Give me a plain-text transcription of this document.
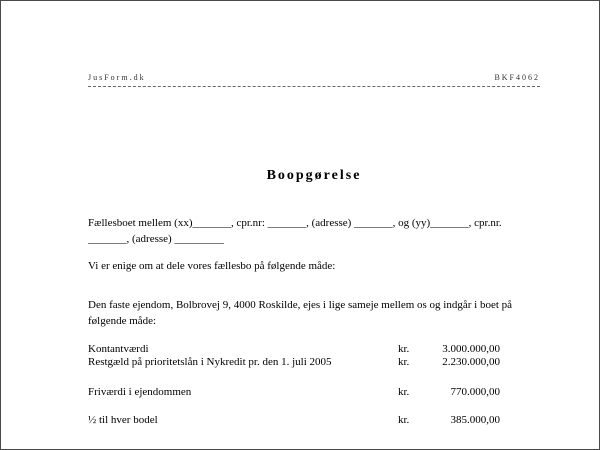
JusForm.dk	BKF4062
Boopgørelse
Fællesboet mellem (xx)_______, cpr.nr: _______, (adresse) _______, og (yy)_______, cpr.nr. _______, (adresse) _________
Vi er enige om at dele vores fællesbo på følgende måde:
Den faste ejendom, Bolbrovej 9, 4000 Roskilde, ejes i lige sameje mellem os og indgår i boet på følgende måde:
Kontantværdi	kr.	3.000.000,00
Restgæld på prioritetslån i Nykredit pr. den 1. juli 2005	kr.	2.230.000,00
Friværdi i ejendommen	kr.	770.000,00
½ til hver bodel	kr.	385.000,00
